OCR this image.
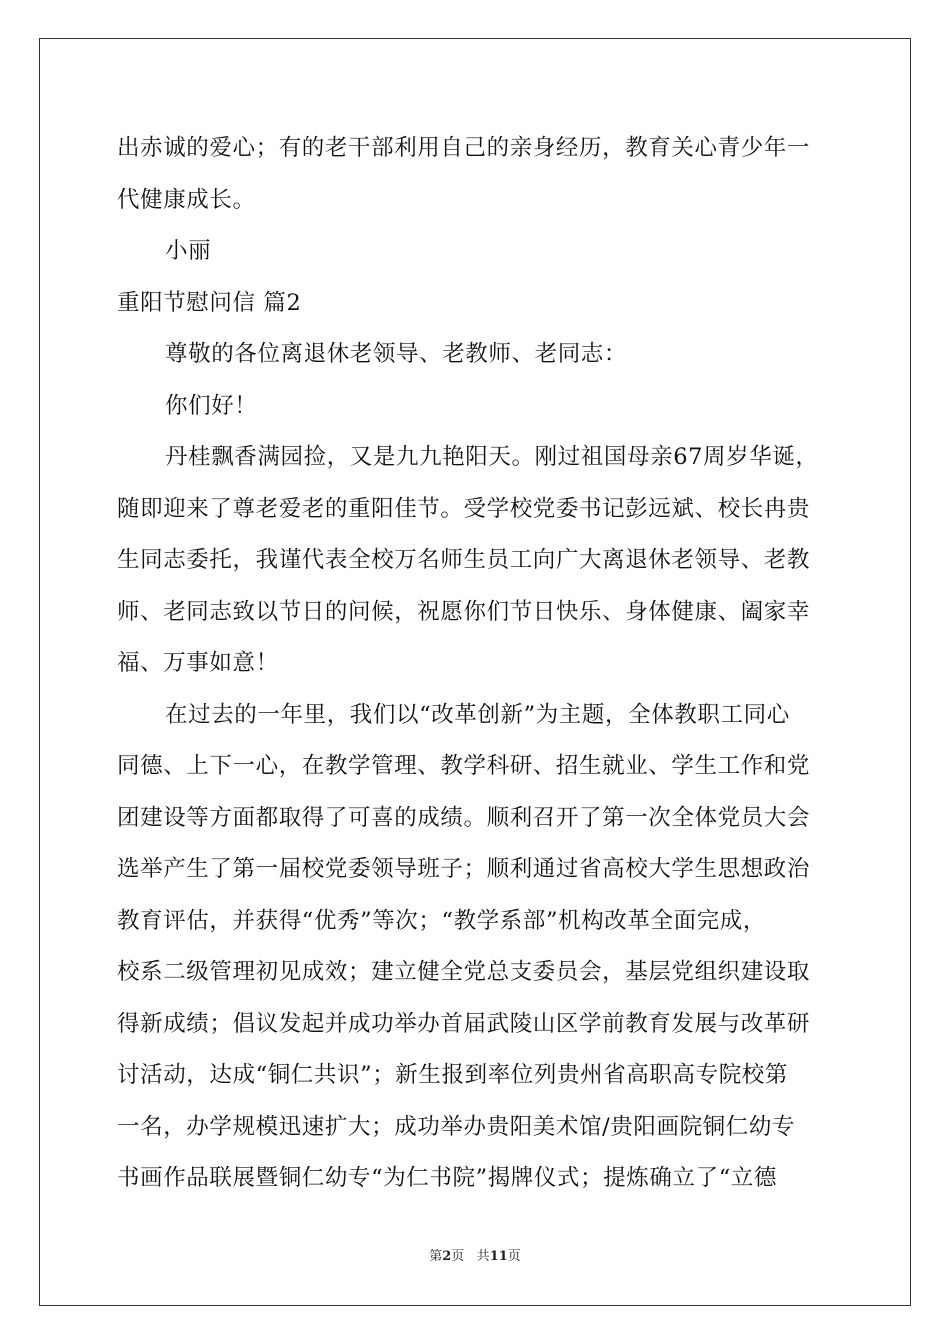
出赤诚的爱心；有的老干部利用自己的亲身经历，教育关心青少年一
代健康成长。
小丽
重阳节慰问信 篇2
尊敬的各位离退休老领导、老教师、老同志：
你们好！
丹桂飘香满园捡，又是九九艳阳天。刚过祖国母亲67周岁华诞，
随即迎来了尊老爱老的重阳佳节。受学校党委书记彭远斌、校长冉贵
生同志委托，我谨代表全校万名师生员工向广大离退休老领导、老教
师、老同志致以节日的问候，祝愿你们节日快乐、身体健康、阖家幸
福、万事如意！
在过去的一年里，我们以“改革创新”为主题，全体教职工同心
同德、上下一心，在教学管理、教学科研、招生就业、学生工作和党
团建设等方面都取得了可喜的成绩。顺利召开了第一次全体党员大会
选举产生了第一届校党委领导班子；顺利通过省高校大学生思想政治
教育评估，并获得“优秀”等次；“教学系部”机构改革全面完成，
校系二级管理初见成效；建立健全党总支委员会，基层党组织建设取
得新成绩；倡议发起并成功举办首届武陵山区学前教育发展与改革研
讨活动，达成“铜仁共识”；新生报到率位列贵州省高职高专院校第
一名，办学规模迅速扩大；成功举办贵阳美术馆/贵阳画院铜仁幼专
书画作品联展暨铜仁幼专“为仁书院”揭牌仪式；提炼确立了“立德
第2页 共11页
